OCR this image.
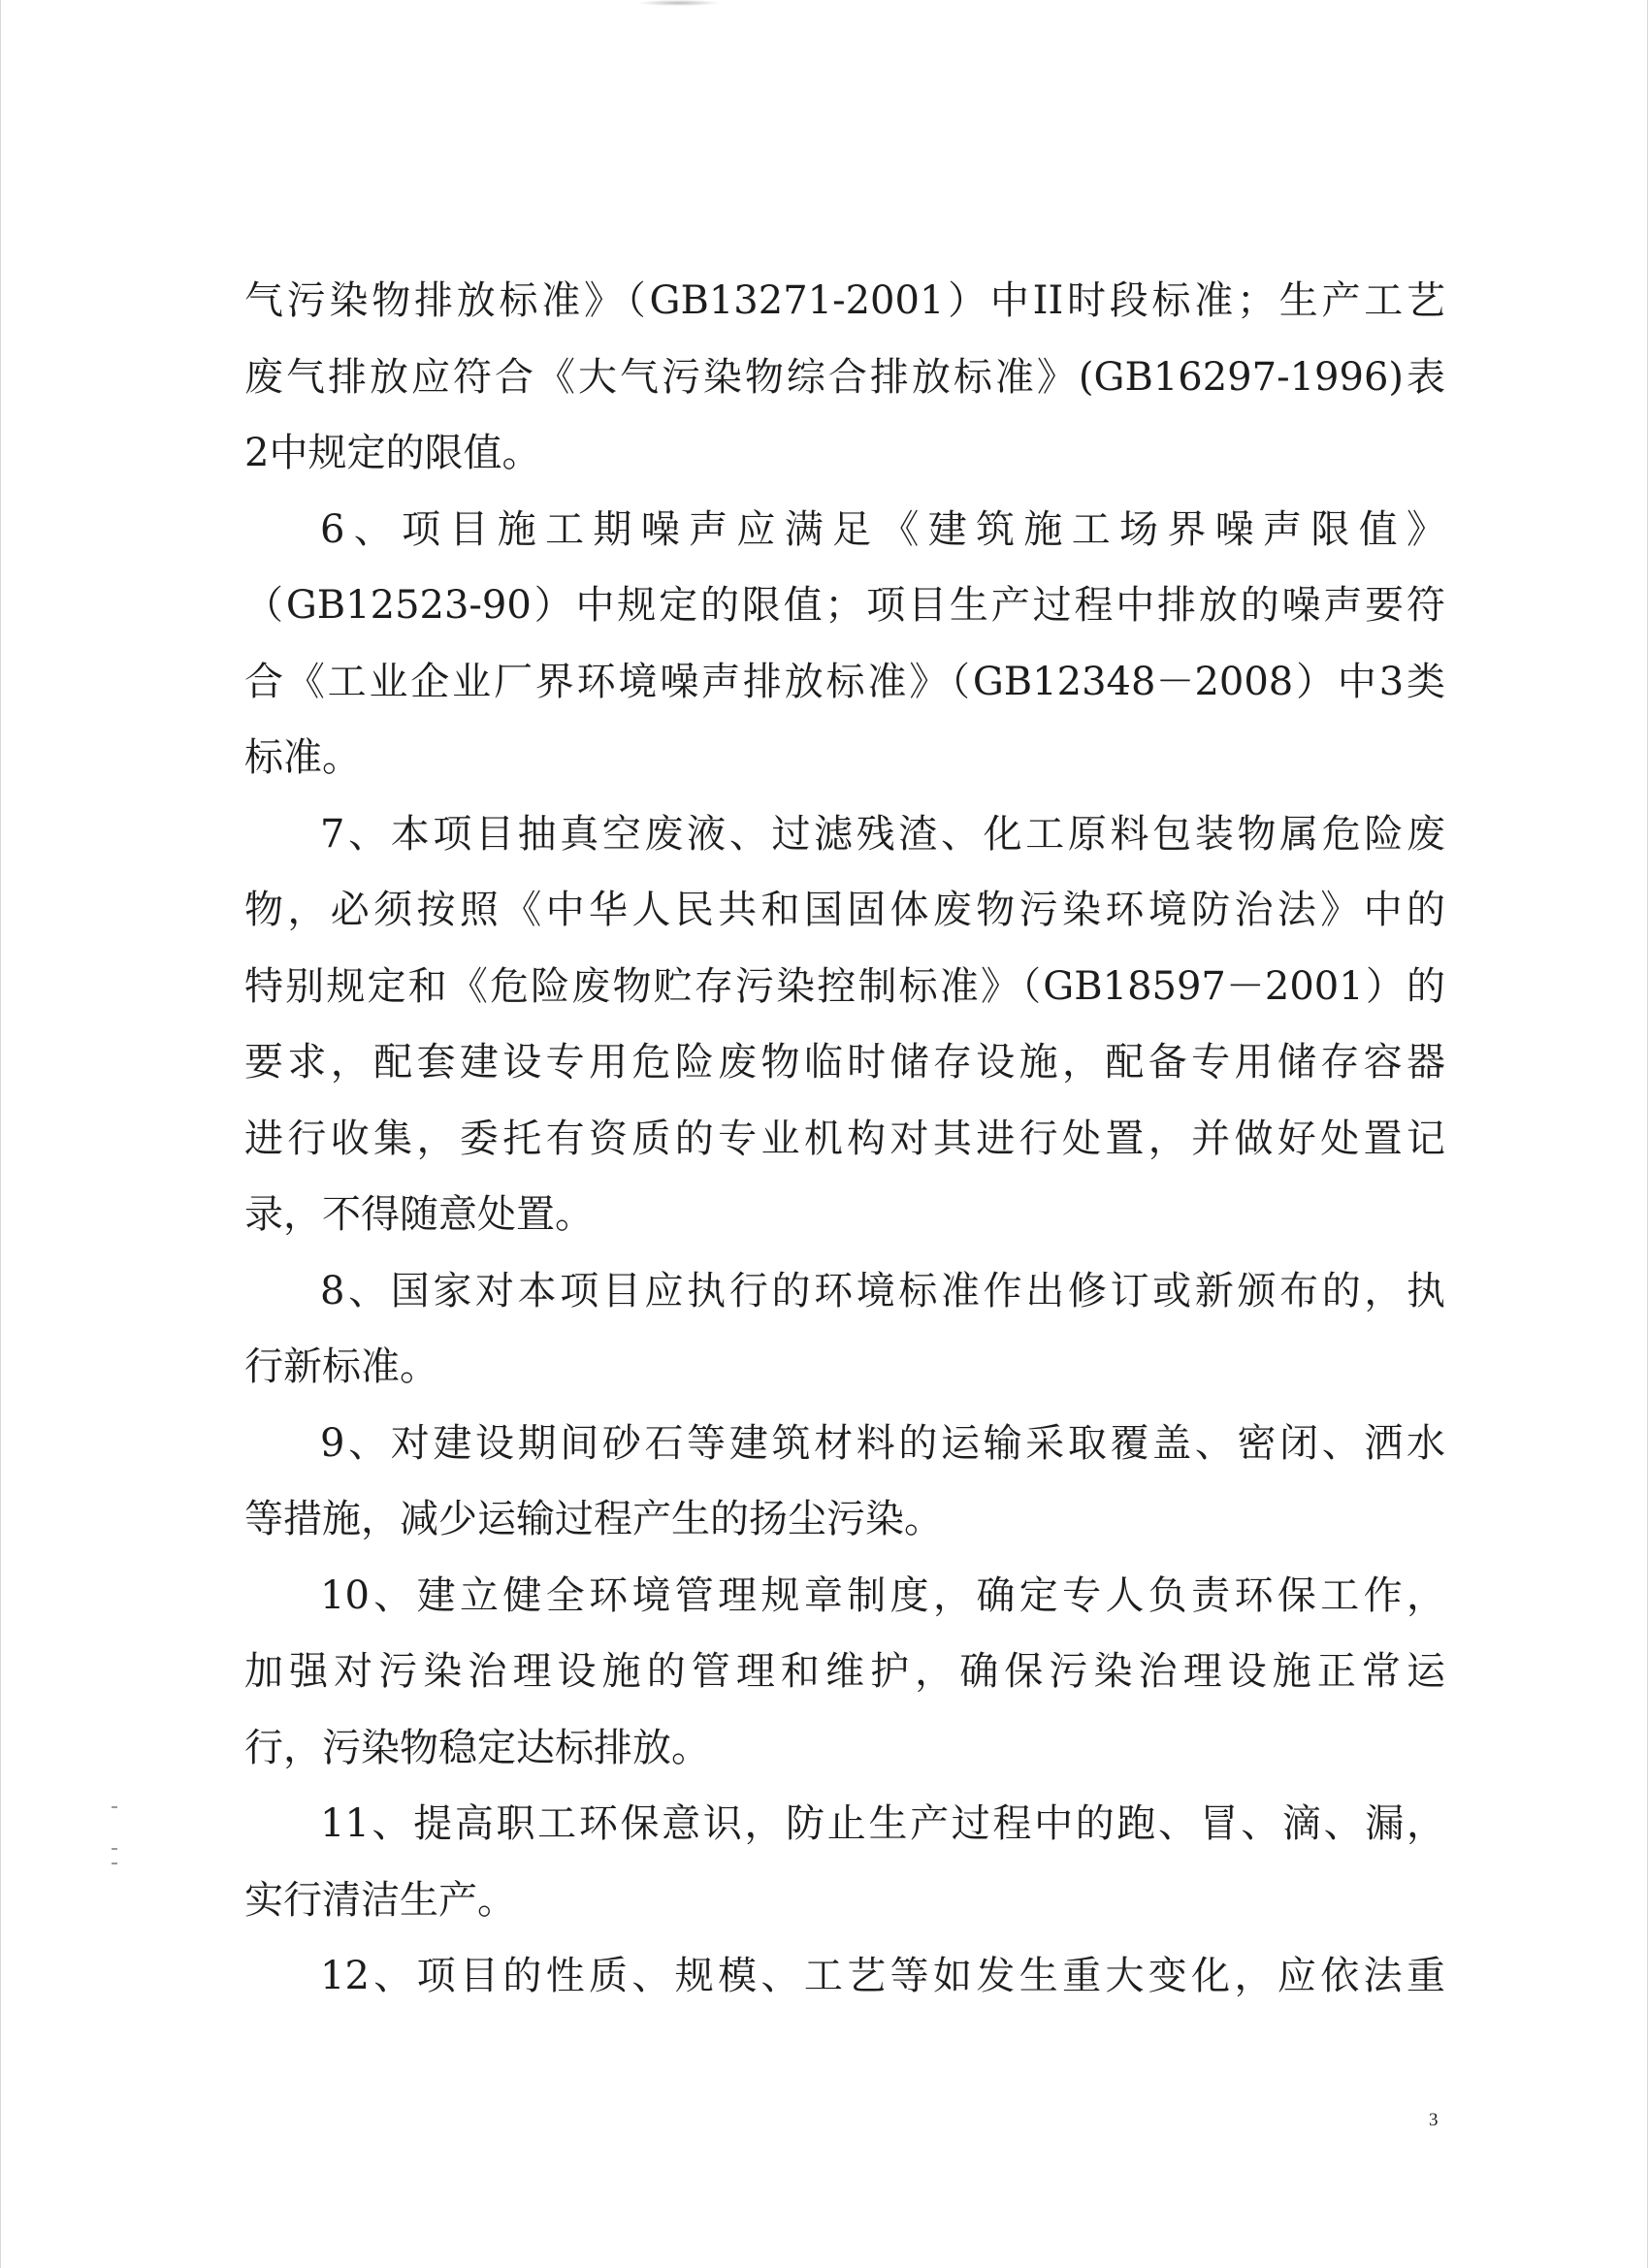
气污染物排放标准》（GB13271-2001）中II时段标准；生产工艺
废气排放应符合《大气污染物综合排放标准》(GB16297-1996)表
2中规定的限值。
6、项目施工期噪声应满足《建筑施工场界噪声限值》
（GB12523-90）中规定的限值；项目生产过程中排放的噪声要符
合《工业企业厂界环境噪声排放标准》（GB12348－2008）中3类
标准。
7、本项目抽真空废液、过滤残渣、化工原料包装物属危险废
物，必须按照《中华人民共和国固体废物污染环境防治法》中的
特别规定和《危险废物贮存污染控制标准》（GB18597－2001）的
要求，配套建设专用危险废物临时储存设施，配备专用储存容器
进行收集，委托有资质的专业机构对其进行处置，并做好处置记
录，不得随意处置。
8、国家对本项目应执行的环境标准作出修订或新颁布的，执
行新标准。
9、对建设期间砂石等建筑材料的运输采取覆盖、密闭、洒水
等措施，减少运输过程产生的扬尘污染。
10、建立健全环境管理规章制度，确定专人负责环保工作，
加强对污染治理设施的管理和维护，确保污染治理设施正常运
行，污染物稳定达标排放。
11、提高职工环保意识，防止生产过程中的跑、冒、滴、漏，
实行清洁生产。
12、项目的性质、规模、工艺等如发生重大变化，应依法重
3
